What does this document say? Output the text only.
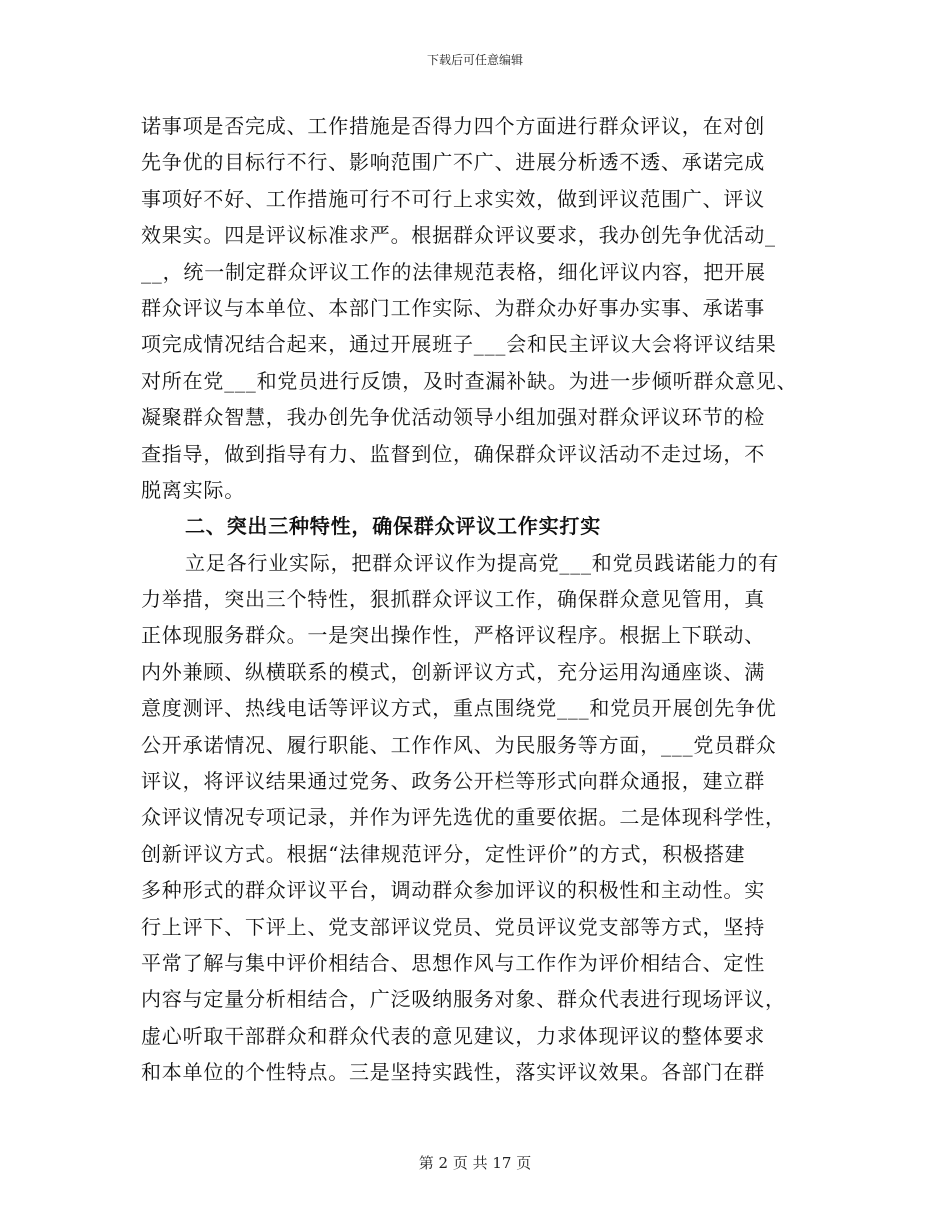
下载后可任意编辑
诺事项是否完成、工作措施是否得力四个方面进行群众评议，在对创
先争优的目标行不行、影响范围广不广、进展分析透不透、承诺完成
事项好不好、工作措施可行不可行上求实效，做到评议范围广、评议
效果实。四是评议标准求严。根据群众评议要求，我办创先争优活动_
__，统一制定群众评议工作的法律规范表格，细化评议内容，把开展
群众评议与本单位、本部门工作实际、为群众办好事办实事、承诺事
项完成情况结合起来，通过开展班子___会和民主评议大会将评议结果
对所在党___和党员进行反馈，及时查漏补缺。为进一步倾听群众意见、
凝聚群众智慧，我办创先争优活动领导小组加强对群众评议环节的检
查指导，做到指导有力、监督到位，确保群众评议活动不走过场，不
脱离实际。
二、突出三种特性，确保群众评议工作实打实
立足各行业实际，把群众评议作为提高党___和党员践诺能力的有
力举措，突出三个特性，狠抓群众评议工作，确保群众意见管用，真
正体现服务群众。一是突出操作性，严格评议程序。根据上下联动、
内外兼顾、纵横联系的模式，创新评议方式，充分运用沟通座谈、满
意度测评、热线电话等评议方式，重点围绕党___和党员开展创先争优
公开承诺情况、履行职能、工作作风、为民服务等方面，___党员群众
评议，将评议结果通过党务、政务公开栏等形式向群众通报，建立群
众评议情况专项记录，并作为评先选优的重要依据。二是体现科学性，
创新评议方式。根据“法律规范评分，定性评价”的方式，积极搭建
多种形式的群众评议平台，调动群众参加评议的积极性和主动性。实
行上评下、下评上、党支部评议党员、党员评议党支部等方式，坚持
平常了解与集中评价相结合、思想作风与工作作为评价相结合、定性
内容与定量分析相结合，广泛吸纳服务对象、群众代表进行现场评议，
虚心听取干部群众和群众代表的意见建议，力求体现评议的整体要求
和本单位的个性特点。三是坚持实践性，落实评议效果。各部门在群
第 2 页 共 17 页
